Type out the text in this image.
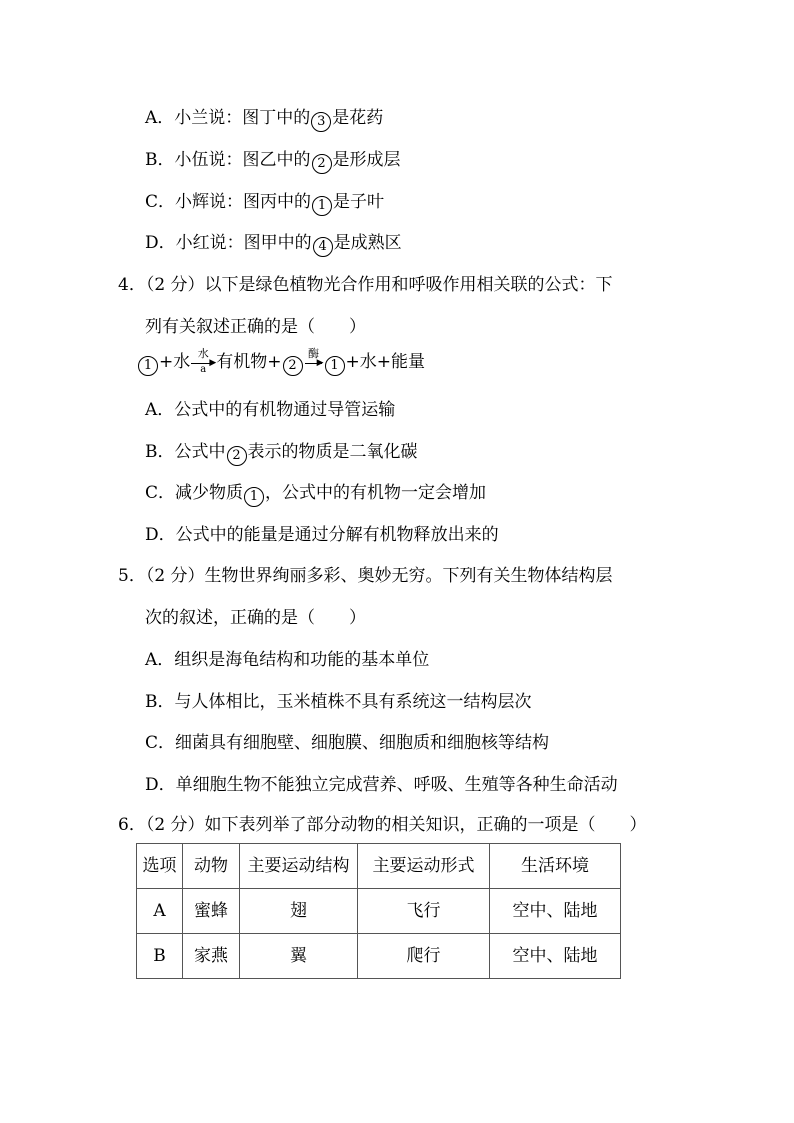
A．小兰说：图丁中的 3 是花药
B．小伍说：图乙中的 2 是形成层
C．小辉说：图丙中的 1 是子叶
D．小红说：图甲中的 4 是成熟区
4．（2 分）以下是绿色植物光合作用和呼吸作用相关联的公式：下
列有关叙述正确的是（　　）
1 +水 水
▶
a 有机物+ 2
酶
▶ 1 +水+能量
A．公式中的有机物通过导管运输
B．公式中 2 表示的物质是二氧化碳
C．减少物质 1 ，公式中的有机物一定会增加
D．公式中的能量是通过分解有机物释放出来的
5．（2 分）生物世界绚丽多彩、奥妙无穷。下列有关生物体结构层
次的叙述，正确的是（　　）
A．组织是海龟结构和功能的基本单位
B．与人体相比，玉米植株不具有系统这一结构层次
C．细菌具有细胞壁、细胞膜、细胞质和细胞核等结构
D．单细胞生物不能独立完成营养、呼吸、生殖等各种生命活动
6．（2 分）如下表列举了部分动物的相关知识，正确的一项是（　　）
选项	动物	主要运动结构	主要运动形式	生活环境
A	蜜蜂	翅	飞行	空中、陆地
B	家燕	翼	爬行	空中、陆地
